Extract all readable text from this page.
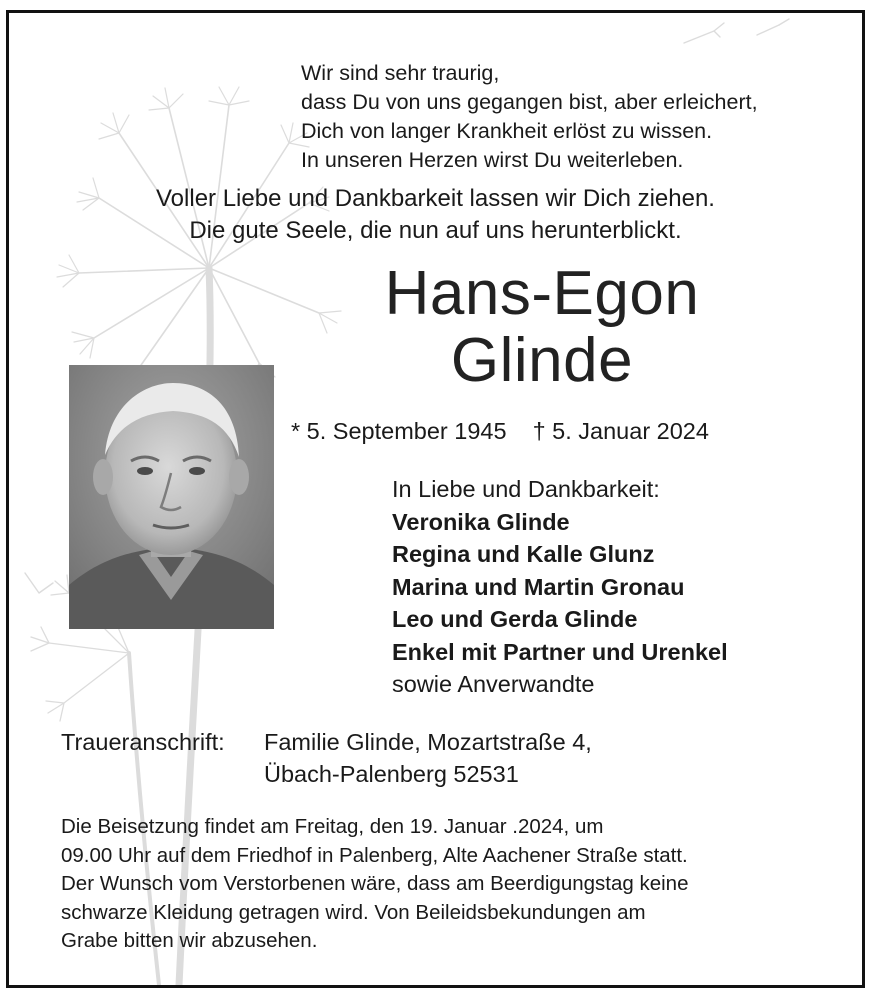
Wir sind sehr traurig,
dass Du von uns gegangen bist, aber erleichert,
Dich von langer Krankheit erlöst zu wissen.
In unseren Herzen wirst Du weiterleben.
Voller Liebe und Dankbarkeit lassen wir Dich ziehen.
Die gute Seele, die nun auf uns herunterblickt.
Hans-Egon
Glinde
* 5. September 1945 † 5. Januar 2024
In Liebe und Dankbarkeit:
Veronika Glinde
Regina und Kalle Glunz
Marina und Martin Gronau
Leo und Gerda Glinde
Enkel mit Partner und Urenkel
sowie Anverwandte
Traueranschrift: Familie Glinde, Mozartstraße 4,
Übach-Palenberg 52531
Die Beisetzung findet am Freitag, den 19. Januar .2024, um
09.00 Uhr auf dem Friedhof in Palenberg, Alte Aachener Straße statt.
Der Wunsch vom Verstorbenen wäre, dass am Beerdigungstag keine
schwarze Kleidung getragen wird. Von Beileidsbekundungen am
Grabe bitten wir abzusehen.
